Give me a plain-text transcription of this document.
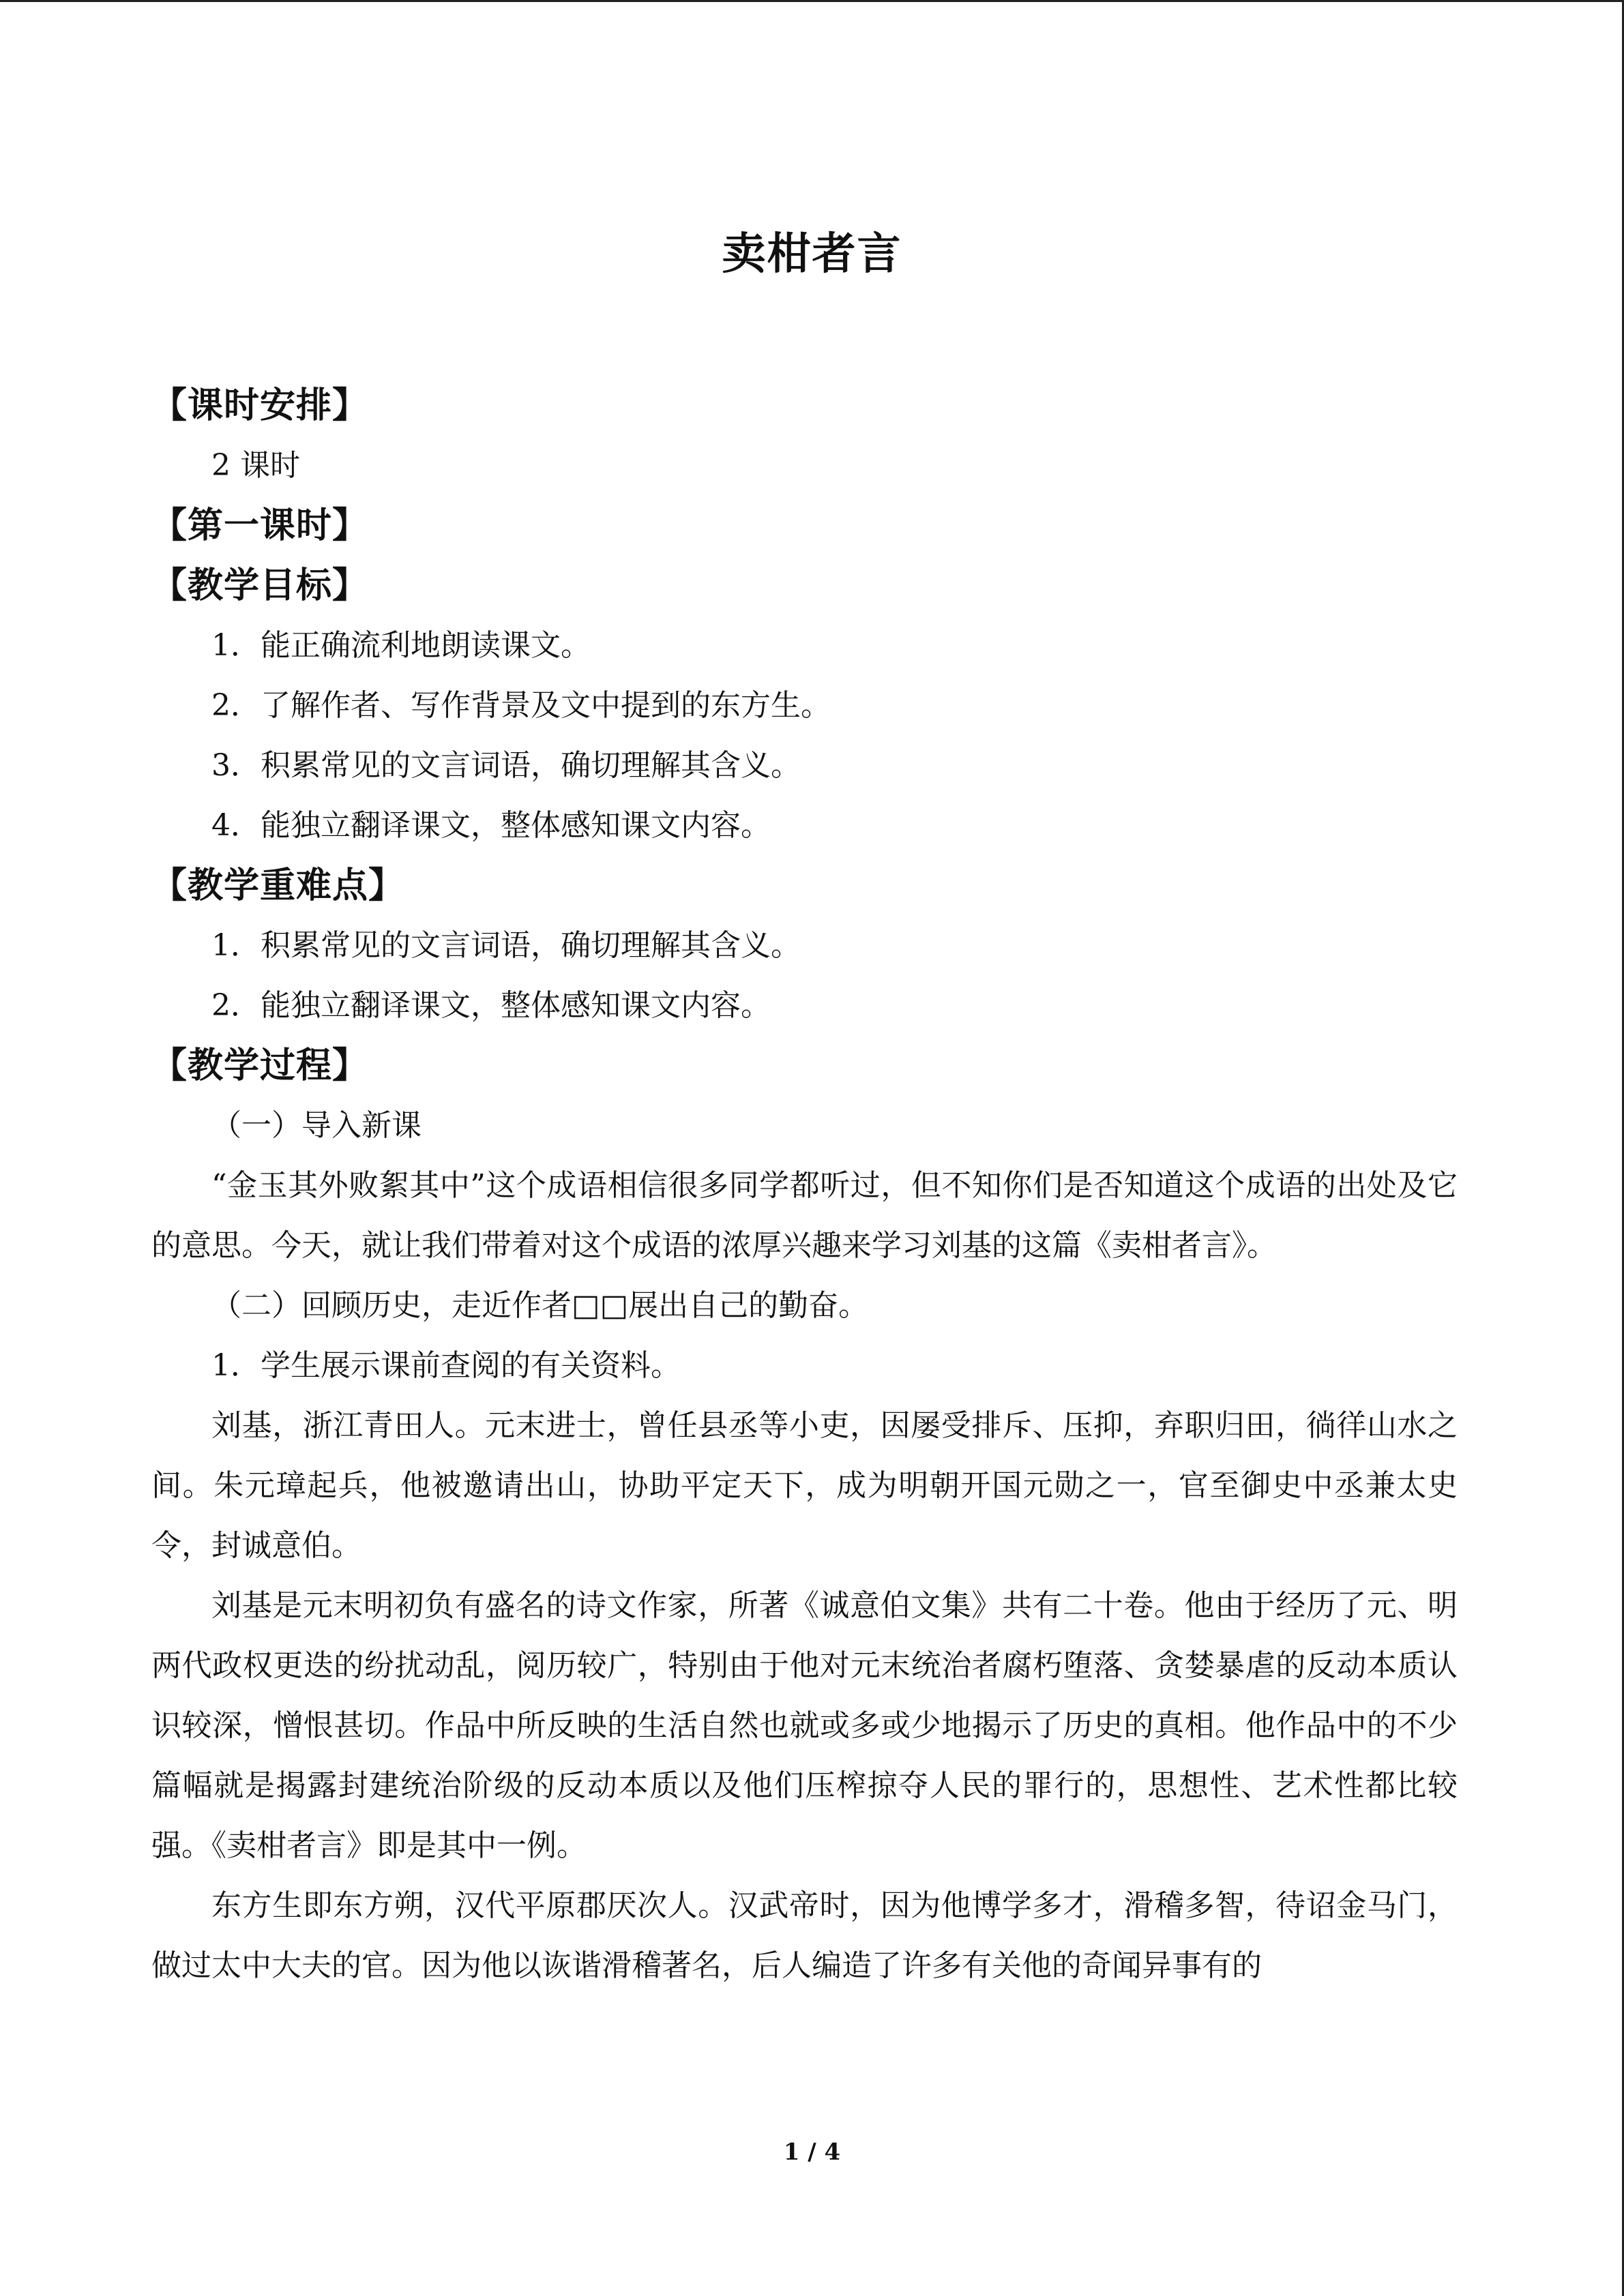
卖柑者言
【课时安排】
2 课时
【第一课时】
【教学目标】
1．能正确流利地朗读课文。
2．了解作者、写作背景及文中提到的东方生。
3．积累常见的文言词语，确切理解其含义。
4．能独立翻译课文，整体感知课文内容。
【教学重难点】
1．积累常见的文言词语，确切理解其含义。
2．能独立翻译课文，整体感知课文内容。
【教学过程】
（一）导入新课
“金玉其外败絮其中”这个成语相信很多同学都听过，但不知你们是否知道这个成语的出处及它的意思。今天，就让我们带着对这个成语的浓厚兴趣来学习刘基的这篇《卖柑者言》。
（二）回顾历史，走近作者□□展出自己的勤奋。
1．学生展示课前查阅的有关资料。
刘基，浙江青田人。元末进士，曾任县丞等小吏，因屡受排斥、压抑，弃职归田，徜徉山水之间。朱元璋起兵，他被邀请出山，协助平定天下，成为明朝开国元勋之一，官至御史中丞兼太史令，封诚意伯。
刘基是元末明初负有盛名的诗文作家，所著《诚意伯文集》共有二十卷。他由于经历了元、明两代政权更迭的纷扰动乱，阅历较广，特别由于他对元末统治者腐朽堕落、贪婪暴虐的反动本质认识较深，憎恨甚切。作品中所反映的生活自然也就或多或少地揭示了历史的真相。他作品中的不少篇幅就是揭露封建统治阶级的反动本质以及他们压榨掠夺人民的罪行的，思想性、艺术性都比较强。《卖柑者言》即是其中一例。
东方生即东方朔，汉代平原郡厌次人。汉武帝时，因为他博学多才，滑稽多智，待诏金马门，做过太中大夫的官。因为他以诙谐滑稽著名，后人编造了许多有关他的奇闻异事有的
1 / 4
